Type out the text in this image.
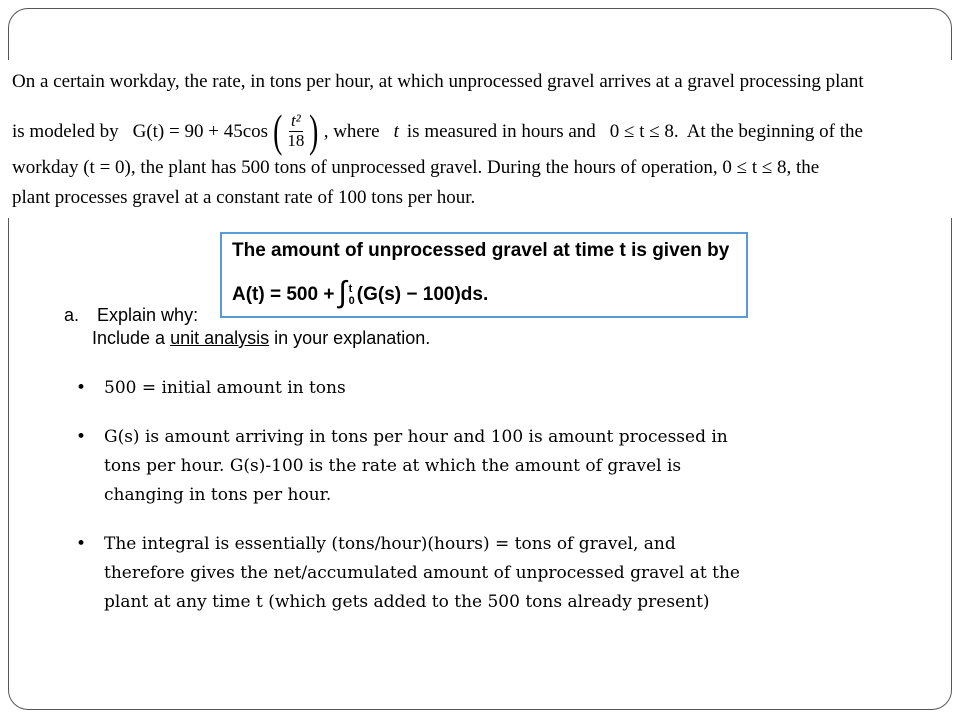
On a certain workday, the rate, in tons per hour, at which unprocessed gravel arrives at a gravel processing plant
is modeled by G(t) = 90 + 45cos ( $\frac{\text{t²}}{18}$ ) , where t is measured in hours and 0 ≤ t ≤ 8. At the beginning of the
workday (t = 0), the plant has 500 tons of unprocessed gravel. During the hours of operation, 0 ≤ t ≤ 8, the
plant processes gravel at a constant rate of 100 tons per hour.
The amount of unprocessed gravel at time t is given by
A(t) = 500 + ∫ t
0 (G(s) − 100)ds.
a. Explain why:
Include a unit analysis in your explanation.
• 500 = initial amount in tons
• G(s) is amount arriving in tons per hour and 100 is amount processed in tons per hour. G(s)-100 is the rate at which the amount of gravel is changing in tons per hour.
• The integral is essentially (tons/hour)(hours) = tons of gravel, and therefore gives the net/accumulated amount of unprocessed gravel at the plant at any time t (which gets added to the 500 tons already present)
